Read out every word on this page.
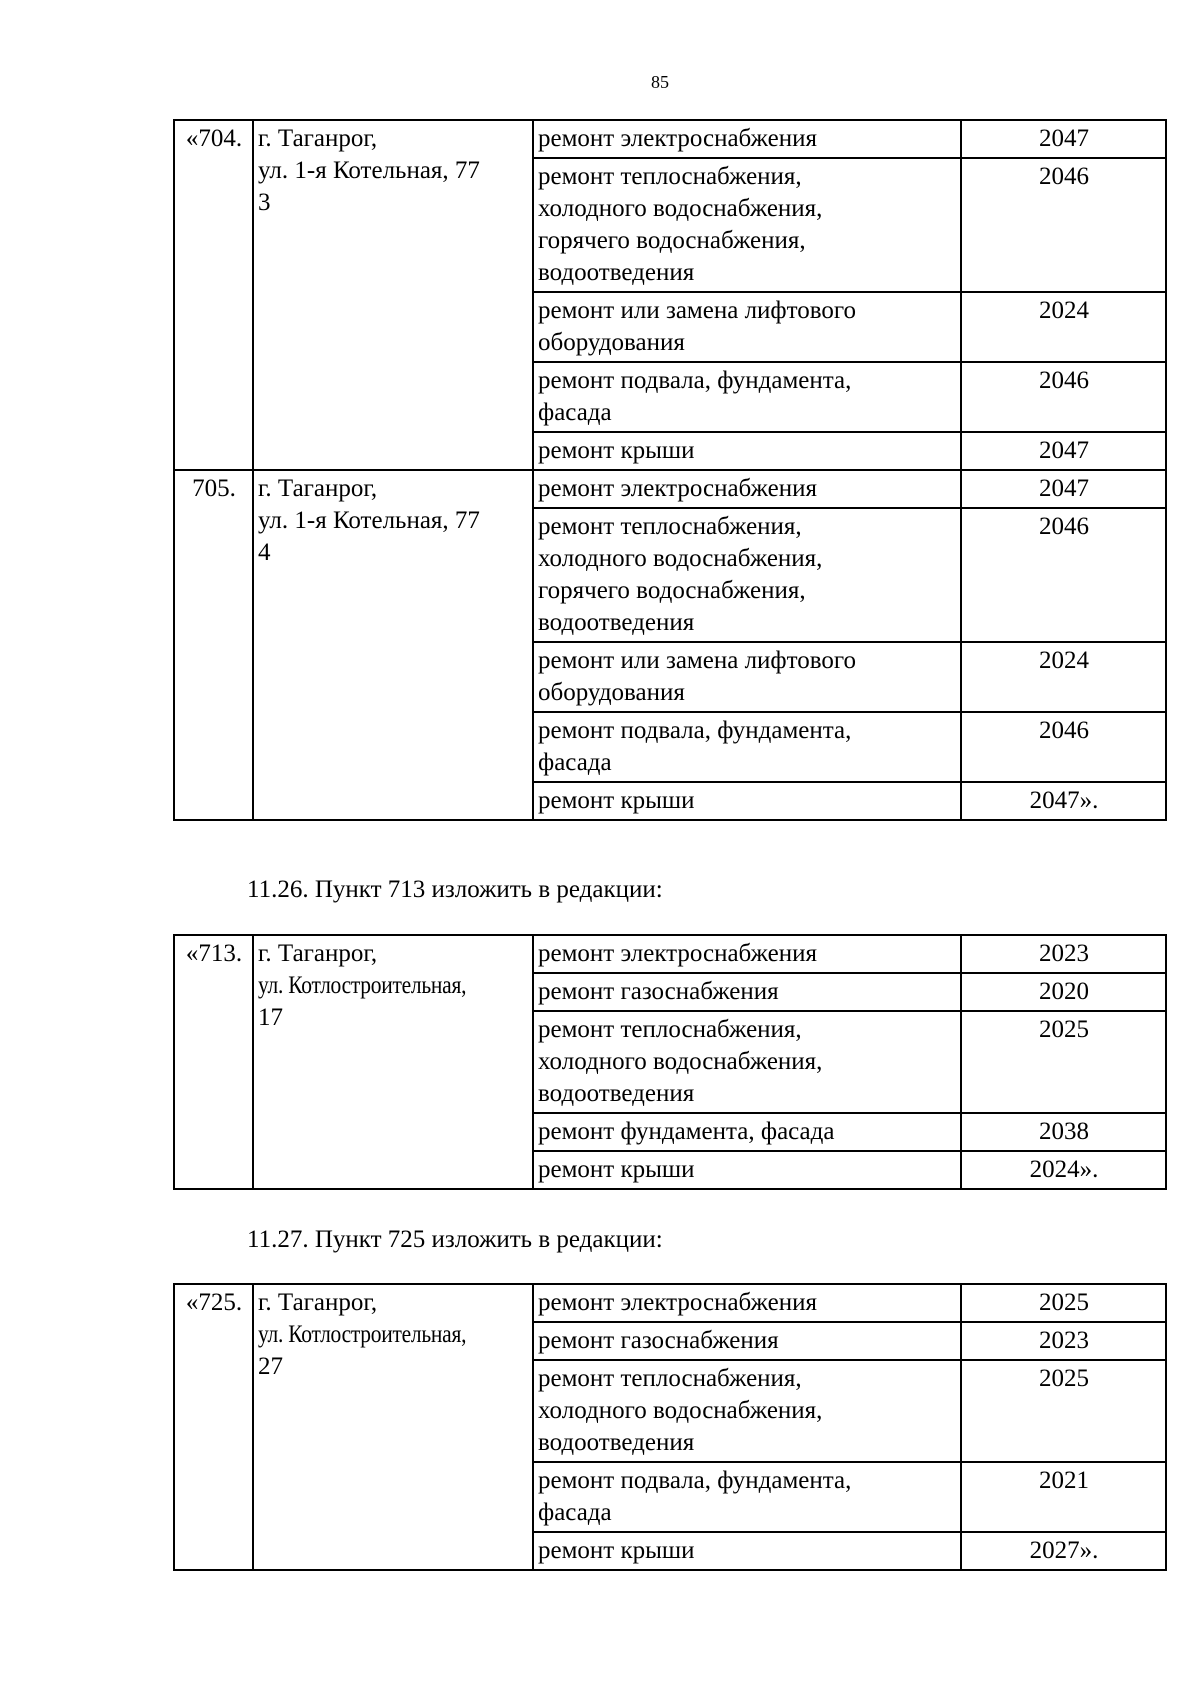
85
«704.	г. Таганрог,
ул. 1-я Котельная, 77
3	ремонт электроснабжения	2047

		ремонт теплоснабжения,
холодного водоснабжения,
горячего водоснабжения,
водоотведения	2046

		ремонт или замена лифтового
оборудования	2024

		ремонт подвала, фундамента,
фасада	2046

		ремонт крыши	2047
705.	г. Таганрог,
ул. 1-я Котельная, 77
4	ремонт электроснабжения	2047

		ремонт теплоснабжения,
холодного водоснабжения,
горячего водоснабжения,
водоотведения	2046

		ремонт или замена лифтового
оборудования	2024

		ремонт подвала, фундамента,
фасада	2046

		ремонт крыши	2047».
11.26. Пункт 713 изложить в редакции:
«713.	г. Таганрог,
ул. Котлостроительная,
17	ремонт электроснабжения	2023

		ремонт газоснабжения	2020

		ремонт теплоснабжения,
холодного водоснабжения,
водоотведения	2025

		ремонт фундамента, фасада	2038

		ремонт крыши	2024».
11.27. Пункт 725 изложить в редакции:
«725.	г. Таганрог,
ул. Котлостроительная,
27	ремонт электроснабжения	2025

		ремонт газоснабжения	2023

		ремонт теплоснабжения,
холодного водоснабжения,
водоотведения	2025

		ремонт подвала, фундамента,
фасада	2021

		ремонт крыши	2027».
